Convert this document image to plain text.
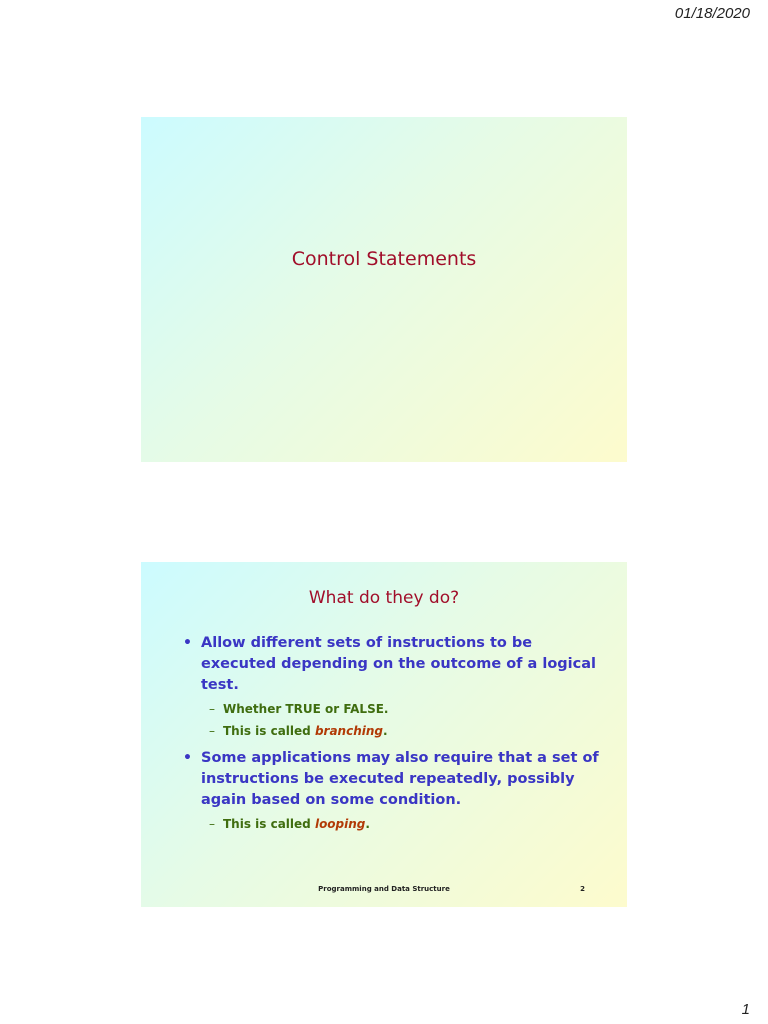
01/18/2020
Control Statements
What do they do?
• Allow different sets of instructions to be executed depending on the outcome of a logical test.
– Whether TRUE or FALSE.
– This is called branching.
• Some applications may also require that a set of instructions be executed repeatedly, possibly again based on some condition.
– This is called looping.
Programming and Data Structure	2
1
